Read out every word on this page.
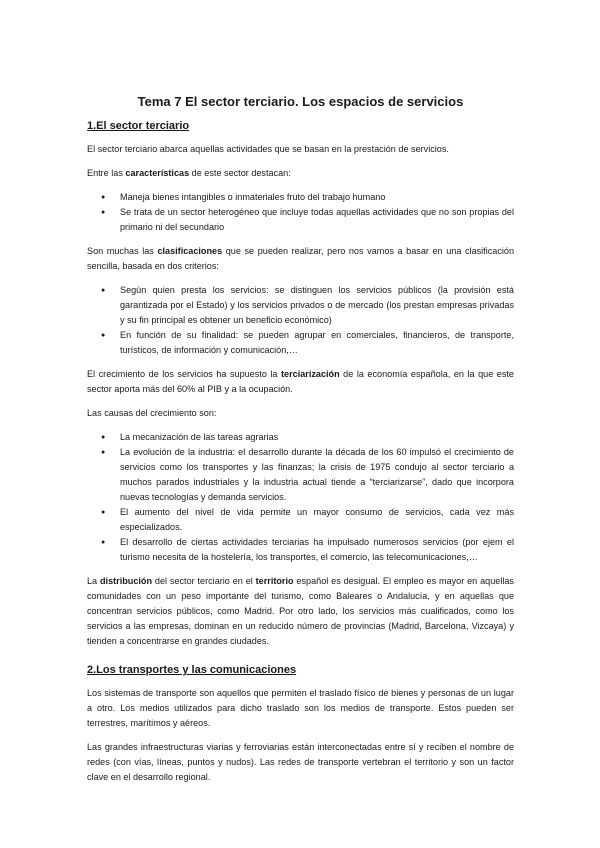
Tema 7 El sector terciario. Los espacios de servicios
1.El sector terciario

El sector terciario abarca aquellas actividades que se basan en la prestación de servicios.

Entre las características de este sector destacan:

● Maneja bienes intangibles o inmateriales fruto del trabajo humano
● Se trata de un sector heterogéneo que incluye todas aquellas actividades que no son propias del primario ni del secundario

Son muchas las clasificaciones que se pueden realizar, pero nos vamos a basar en una clasificación sencilla, basada en dos criterios:

● Según quien presta los servicios: se distinguen los servicios públicos (la provisión está garantizada por el Estado) y los servicios privados o de mercado (los prestan empresas privadas y su fin principal es obtener un beneficio económico)
● En función de su finalidad: se pueden agrupar en comerciales, financieros, de transporte, turísticos, de información y comunicación,…

El crecimiento de los servicios ha supuesto la terciarización de la economía española, en la que este sector aporta más del 60% al PIB y a la ocupación.

Las causas del crecimiento son:

● La mecanización de las tareas agrarias
● La evolución de la industria: el desarrollo durante la década de los 60 impulsó el crecimiento de servicios como los transportes y las finanzas; la crisis de 1975 condujo al sector terciario a muchos parados industriales y la industria actual tiende a “terciarizarse”, dado que incorpora nuevas tecnologías y demanda servicios.
● El aumento del nivel de vida permite un mayor consumo de servicios, cada vez más especializados.
● El desarrollo de ciertas actividades terciarias ha impulsado numerosos servicios (por ejem el turismo necesita de la hostelería, los transportes, el comercio, las telecomunicaciones,…

La distribución del sector terciario en el territorio español es desigual. El empleo es mayor en aquellas comunidades con un peso importante del turismo, como Baleares o Andalucía, y en aquellas que concentran servicios públicos, como Madrid. Por otro lado, los servicios más cualificados, como los servicios a las empresas, dominan en un reducido número de provincias (Madrid, Barcelona, Vizcaya) y tienden a concentrarse en grandes ciudades.

2.Los transportes y las comunicaciones

Los sistemas de transporte son aquellos que permiten el traslado físico de bienes y personas de un lugar a otro. Los medios utilizados para dicho traslado son los medios de transporte. Estos pueden ser terrestres, marítimos y aéreos.

Las grandes infraestructuras viarias y ferroviarias están interconectadas entre sí y reciben el nombre de redes (con vías, líneas, puntos y nudos). Las redes de transporte vertebran el territorio y son un factor clave en el desarrollo regional.
